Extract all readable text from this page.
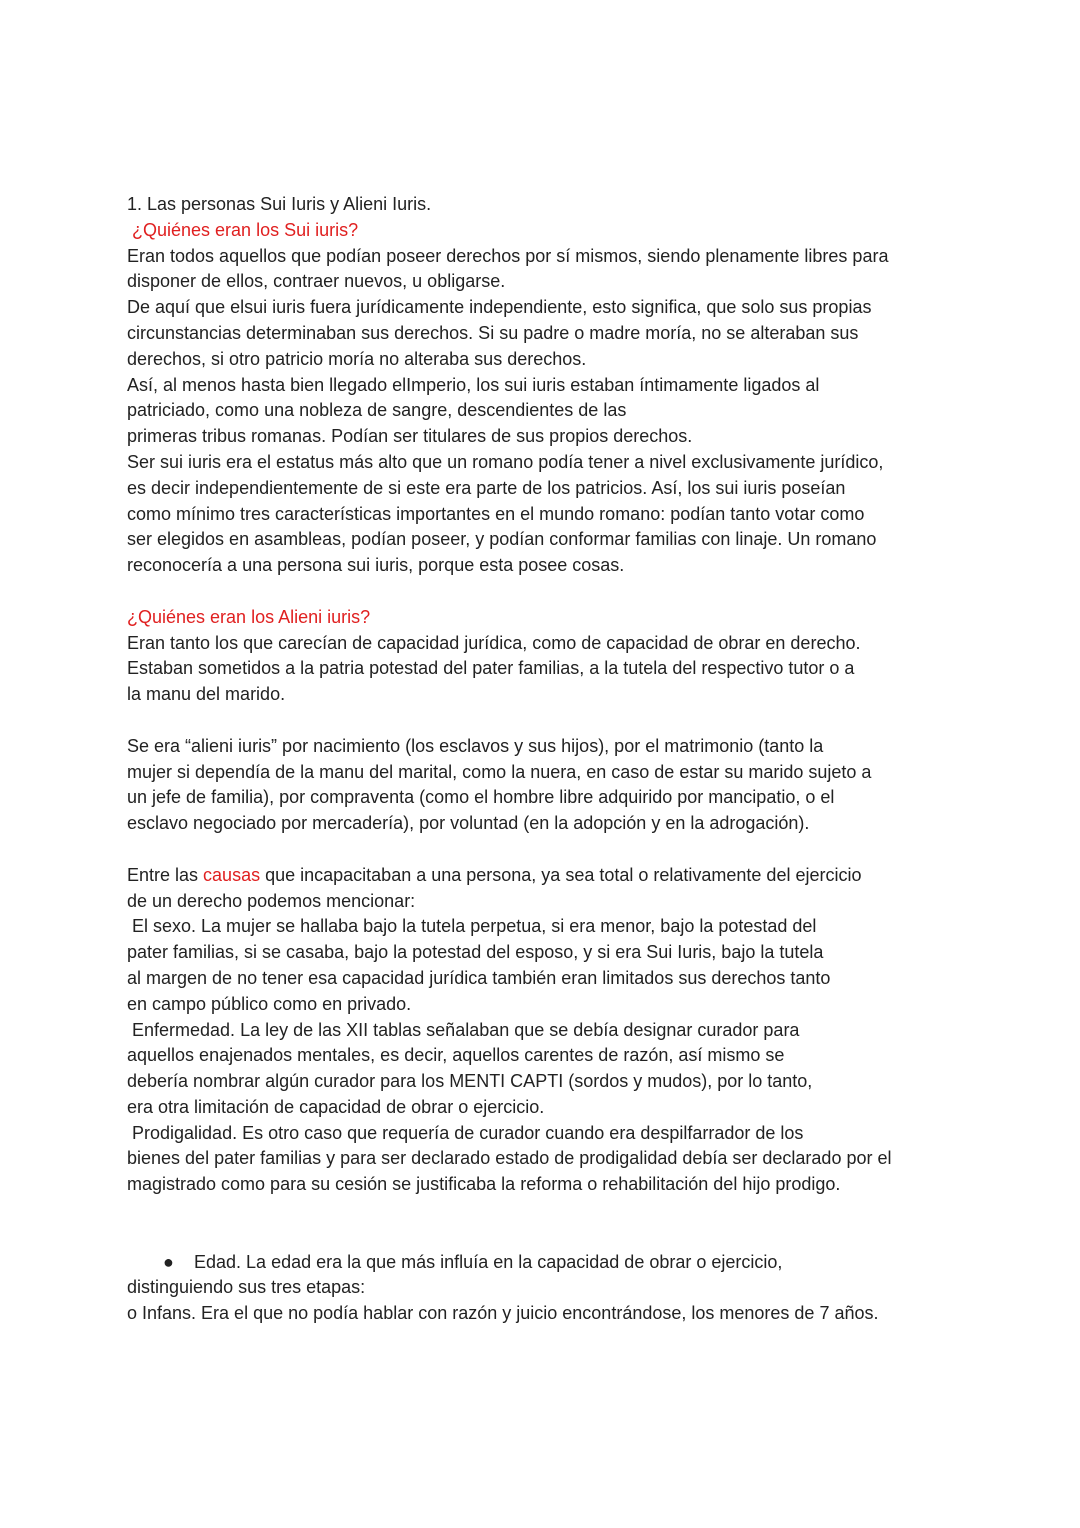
1. Las personas Sui Iuris y Alieni Iuris.
¿Quiénes eran los Sui iuris?
Eran todos aquellos que podían poseer derechos por sí mismos, siendo plenamente libres para
disponer de ellos, contraer nuevos, u obligarse.
De aquí que elsui iuris fuera jurídicamente independiente, esto significa, que solo sus propias
circunstancias determinaban sus derechos. Si su padre o madre moría, no se alteraban sus
derechos, si otro patricio moría no alteraba sus derechos.
Así, al menos hasta bien llegado elImperio, los sui iuris estaban íntimamente ligados al
patriciado, como una nobleza de sangre, descendientes de las
primeras tribus romanas. Podían ser titulares de sus propios derechos.
Ser sui iuris era el estatus más alto que un romano podía tener a nivel exclusivamente jurídico,
es decir independientemente de si este era parte de los patricios. Así, los sui iuris poseían
como mínimo tres características importantes en el mundo romano: podían tanto votar como
ser elegidos en asambleas, podían poseer, y podían conformar familias con linaje. Un romano
reconocería a una persona sui iuris, porque esta posee cosas.
¿Quiénes eran los Alieni iuris?
Eran tanto los que carecían de capacidad jurídica, como de capacidad de obrar en derecho.
Estaban sometidos a la patria potestad del pater familias, a la tutela del respectivo tutor o a
la manu del marido.
Se era “alieni iuris” por nacimiento (los esclavos y sus hijos), por el matrimonio (tanto la
mujer si dependía de la manu del marital, como la nuera, en caso de estar su marido sujeto a
un jefe de familia), por compraventa (como el hombre libre adquirido por mancipatio, o el
esclavo negociado por mercadería), por voluntad (en la adopción y en la adrogación).
Entre las causas que incapacitaban a una persona, ya sea total o relativamente del ejercicio
de un derecho podemos mencionar:
El sexo. La mujer se hallaba bajo la tutela perpetua, si era menor, bajo la potestad del
pater familias, si se casaba, bajo la potestad del esposo, y si era Sui Iuris, bajo la tutela
al margen de no tener esa capacidad jurídica también eran limitados sus derechos tanto
en campo público como en privado.
Enfermedad. La ley de las XII tablas señalaban que se debía designar curador para
aquellos enajenados mentales, es decir, aquellos carentes de razón, así mismo se
debería nombrar algún curador para los MENTI CAPTI (sordos y mudos), por lo tanto,
era otra limitación de capacidad de obrar o ejercicio.
Prodigalidad. Es otro caso que requería de curador cuando era despilfarrador de los
bienes del pater familias y para ser declarado estado de prodigalidad debía ser declarado por el
magistrado como para su cesión se justificaba la reforma o rehabilitación del hijo prodigo.
● Edad. La edad era la que más influía en la capacidad de obrar o ejercicio,
distinguiendo sus tres etapas:
o Infans. Era el que no podía hablar con razón y juicio encontrándose, los menores de 7 años.
